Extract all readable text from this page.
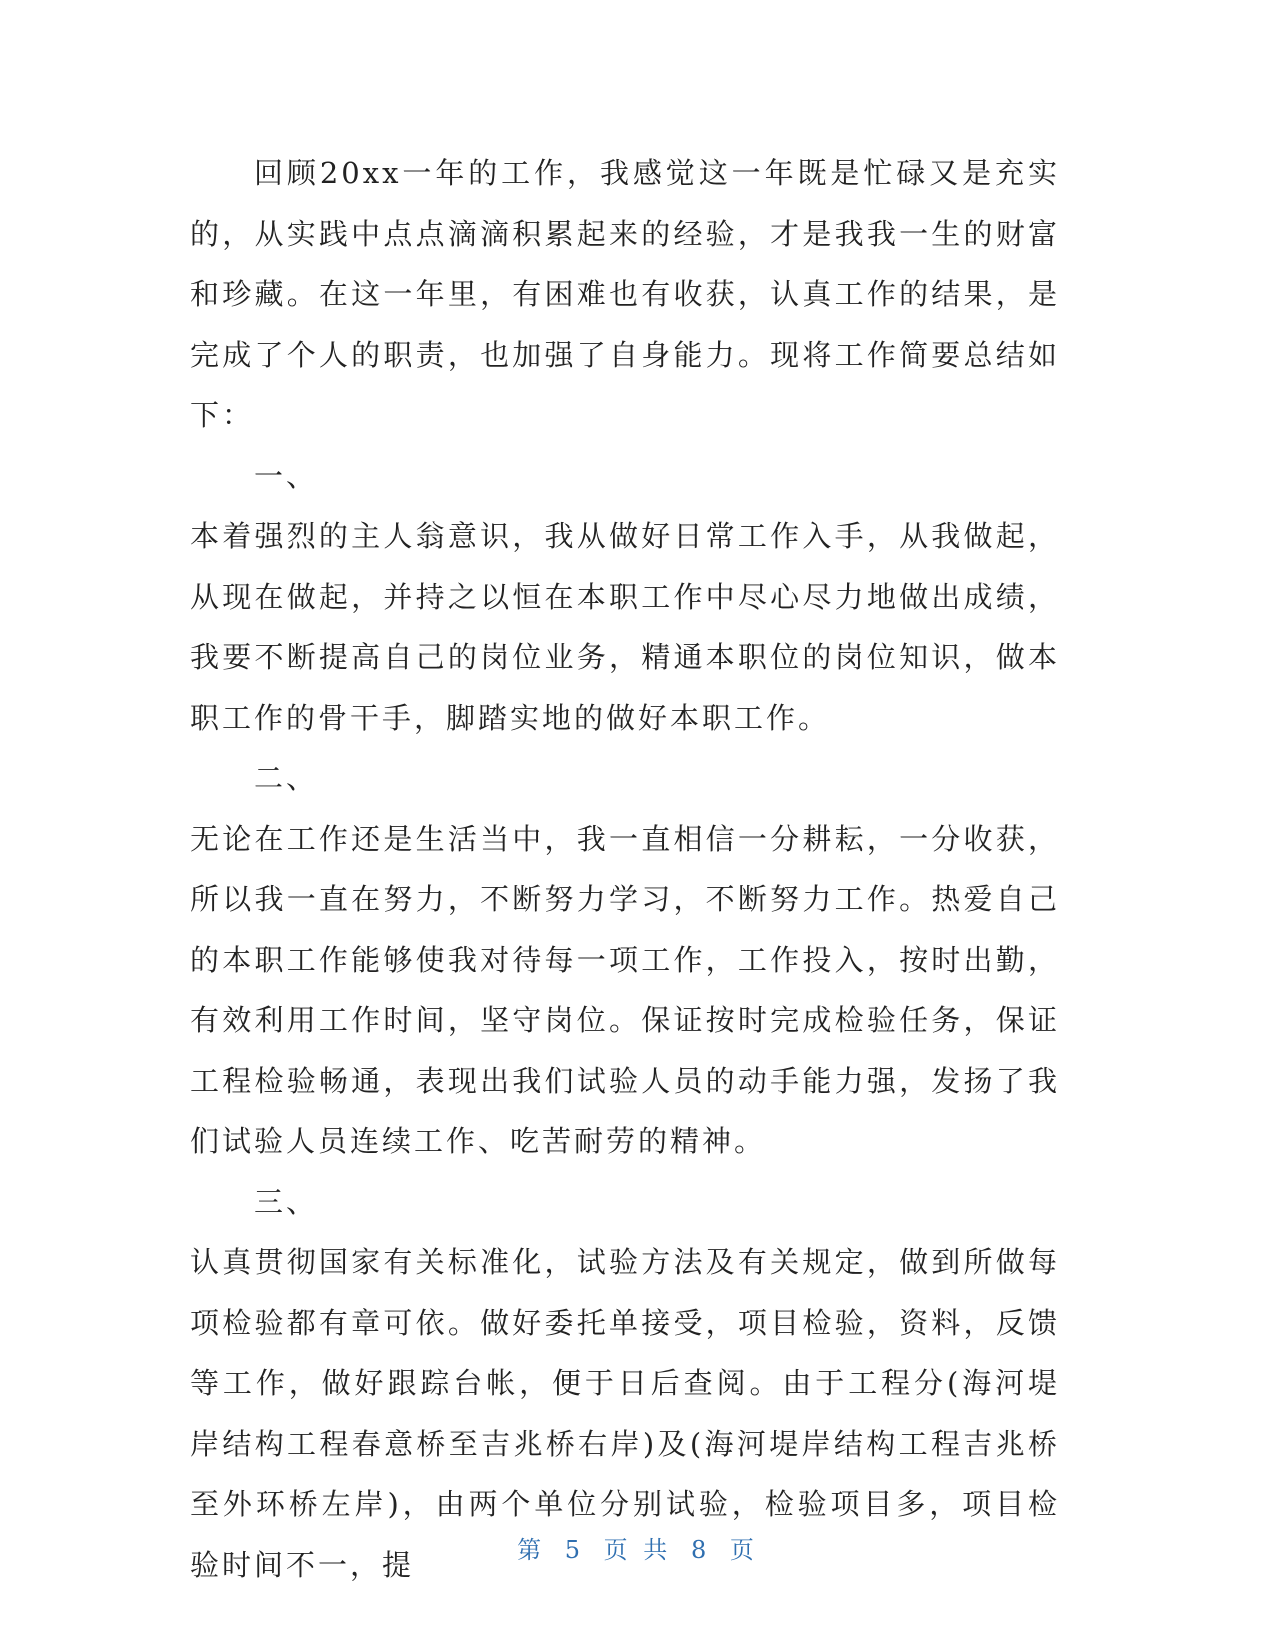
回顾20xx一年的工作，我感觉这一年既是忙碌又是充实的，从实践中点点滴滴积累起来的经验，才是我我一生的财富和珍藏。在这一年里，有困难也有收获，认真工作的结果，是完成了个人的职责，也加强了自身能力。现将工作简要总结如下：

一、

本着强烈的主人翁意识，我从做好日常工作入手，从我做起，从现在做起，并持之以恒在本职工作中尽心尽力地做出成绩，我要不断提高自己的岗位业务，精通本职位的岗位知识，做本职工作的骨干手，脚踏实地的做好本职工作。

二、

无论在工作还是生活当中，我一直相信一分耕耘，一分收获，所以我一直在努力，不断努力学习，不断努力工作。热爱自己的本职工作能够使我对待每一项工作，工作投入，按时出勤，有效利用工作时间，坚守岗位。保证按时完成检验任务，保证工程检验畅通，表现出我们试验人员的动手能力强，发扬了我们试验人员连续工作、吃苦耐劳的精神。

三、

认真贯彻国家有关标准化，试验方法及有关规定，做到所做每项检验都有章可依。做好委托单接受，项目检验，资料，反馈等工作，做好跟踪台帐，便于日后查阅。由于工程分(海河堤岸结构工程春意桥至吉兆桥右岸)及(海河堤岸结构工程吉兆桥至外环桥左岸)，由两个单位分别试验，检验项目多，项目检验时间不一，提	第 5 页 共 8 页
